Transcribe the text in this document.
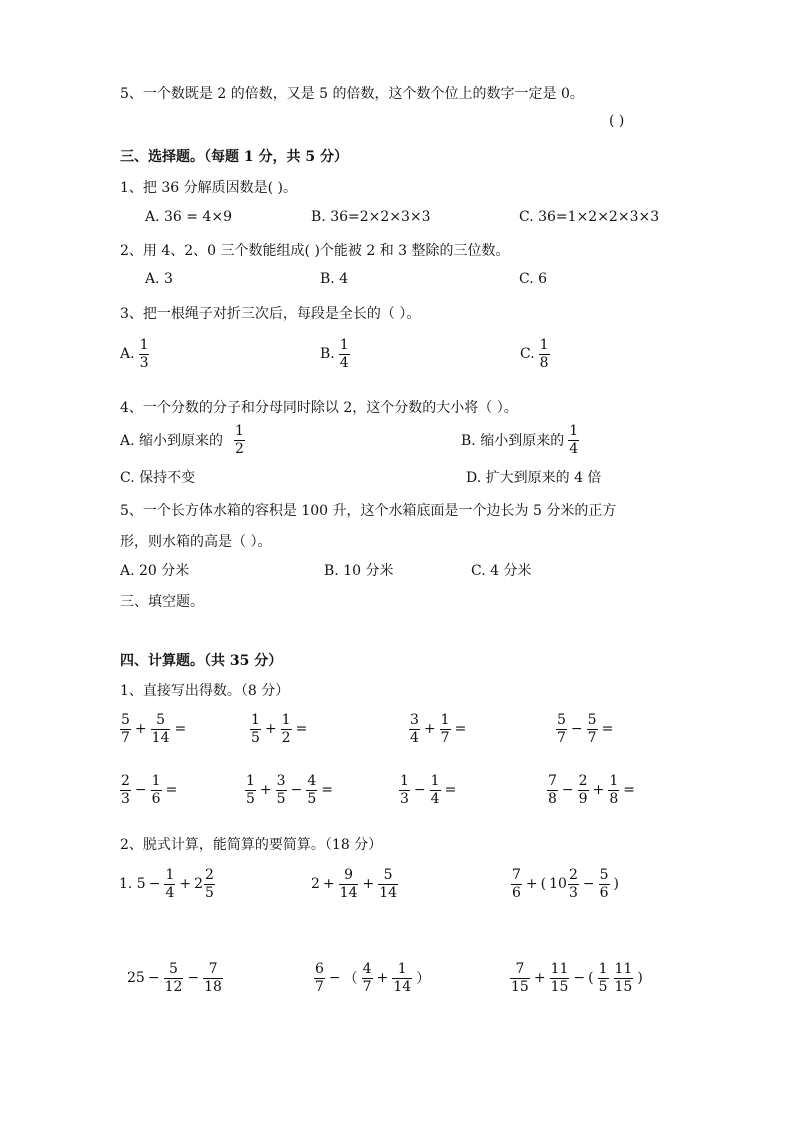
5、一个数既是 2 的倍数，又是 5 的倍数，这个数个位上的数字一定是 0。
( )
三、选择题。（每题 1 分，共 5 分）
1、把 36 分解质因数是( )。
A. 36 = 4×9	B. 36=2×2×3×3	C. 36=1×2×2×3×3
2、用 4、2、0 三个数能组成( )个能被 2 和 3 整除的三位数。
A. 3	B. 4	C. 6
3、把一根绳子对折三次后，每段是全长的（ ）。
A. $\frac{1}{3}$	B. $\frac{1}{4}$	C. $\frac{1}{8}$
4、一个分数的分子和分母同时除以 2，这个分数的大小将（ ）。
A. 缩小到原来的 $\frac{1}{2}$	B. 缩小到原来的 $\frac{1}{4}$
C. 保持不变	D. 扩大到原来的 4 倍
5、一个长方体水箱的容积是 100 升，这个水箱底面是一个边长为 5 分米的正方
形，则水箱的高是（ ）。
A. 20 分米	B. 10 分米	C. 4 分米
三、填空题。
四、计算题。（共 35 分）
1、直接写出得数。（8 分）
$\frac{5}{7} + \frac{5}{14}$ =	$\frac{1}{5} + \frac{1}{2}$ =	$\frac{3}{4} + \frac{1}{7}$ =	$\frac{5}{7} - \frac{5}{7}$ =
$\frac{2}{3} - \frac{1}{6}$ =	$\frac{1}{5} + \frac{3}{5} - \frac{4}{5}$ =	$\frac{1}{3} - \frac{1}{4}$ =	$\frac{7}{8} - \frac{2}{9} + \frac{1}{8}$ =
2、脱式计算，能简算的要简算。（18 分）
1. $5 - \frac{1}{4} + 2 \frac{2}{5}$	$2 + \frac{9}{14} + \frac{5}{14}$	$\frac{7}{6}$ + ( $10 \frac{2}{3} - \frac{5}{6}$ )
$25 - \frac{5}{12} - \frac{7}{18}$	$\frac{6}{7}$ − （ $\frac{4}{7} + \frac{1}{14}$ ）	$\frac{7}{15} + \frac{11}{15}$ − ( $\frac{1}{5} \frac{11}{15}$ )
